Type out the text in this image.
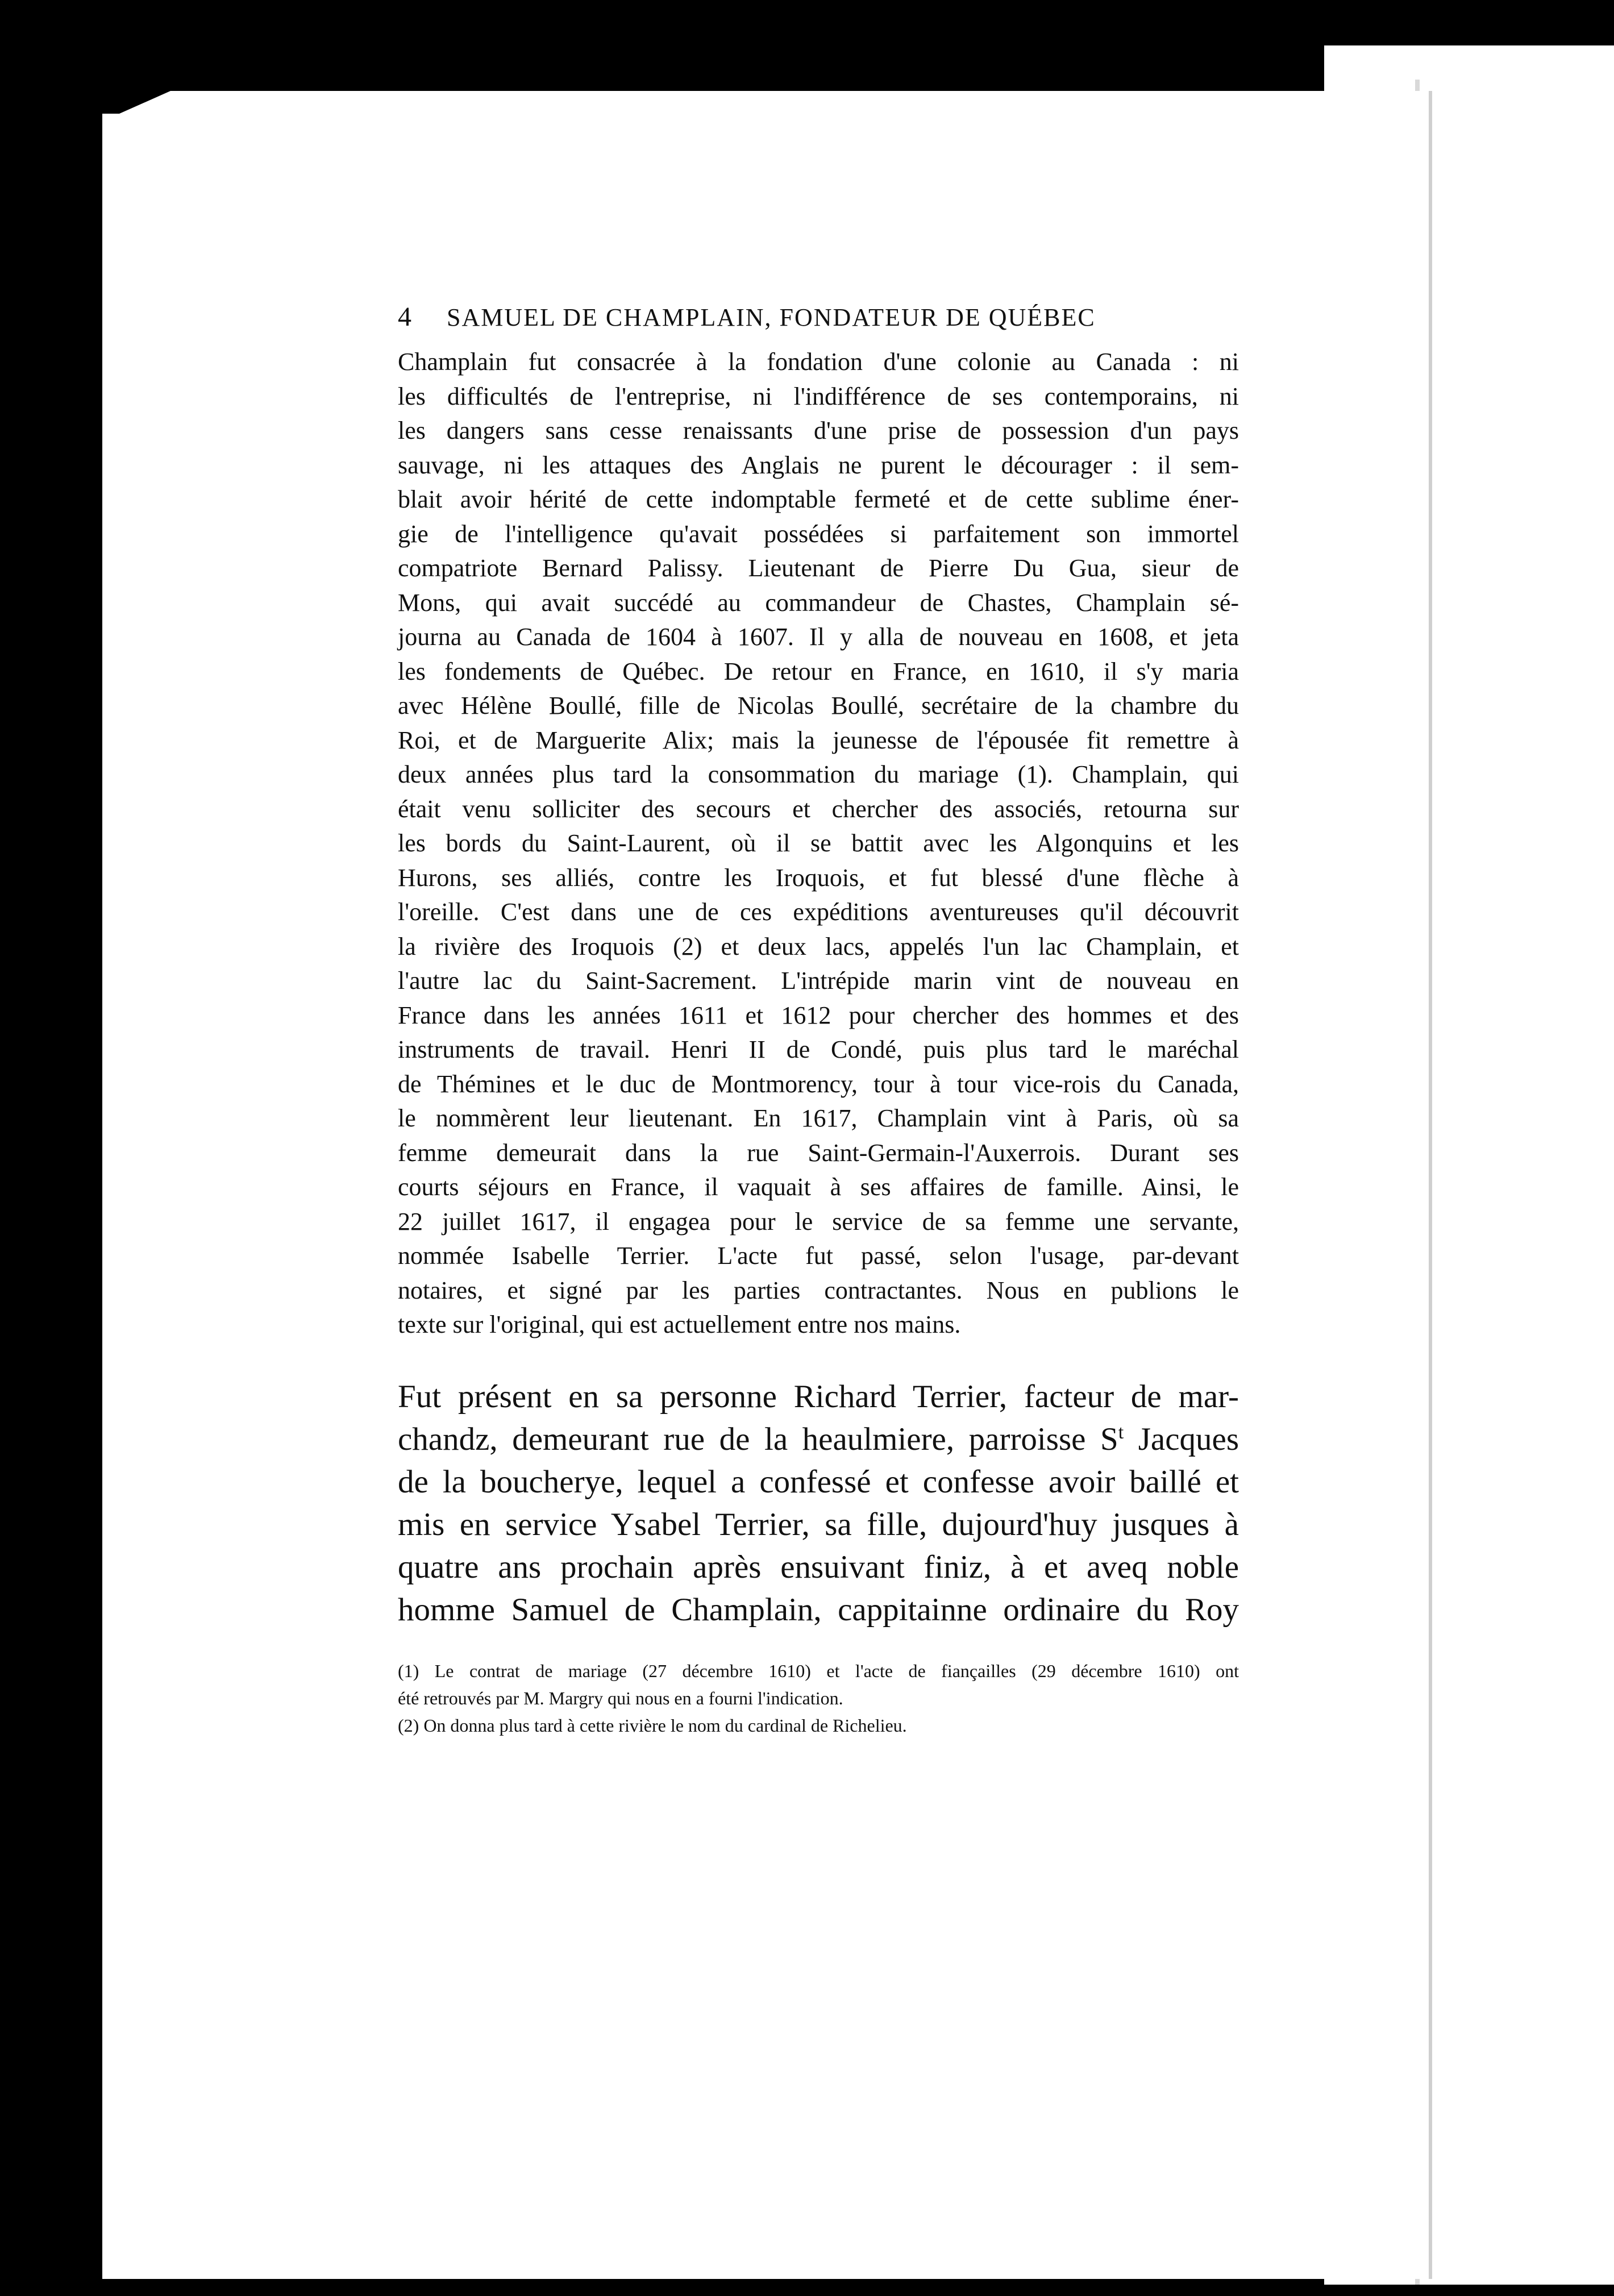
4 SAMUEL DE CHAMPLAIN, FONDATEUR DE QUÉBEC
Champlain fut consacrée à la fondation d'une colonie au Canada : ni
les difficultés de l'entreprise, ni l'indifférence de ses contemporains, ni
les dangers sans cesse renaissants d'une prise de possession d'un pays
sauvage, ni les attaques des Anglais ne purent le décourager : il sem-
blait avoir hérité de cette indomptable fermeté et de cette sublime éner-
gie de l'intelligence qu'avait possédées si parfaitement son immortel
compatriote Bernard Palissy. Lieutenant de Pierre Du Gua, sieur de
Mons, qui avait succédé au commandeur de Chastes, Champlain sé-
journa au Canada de 1604 à 1607. Il y alla de nouveau en 1608, et jeta
les fondements de Québec. De retour en France, en 1610, il s'y maria
avec Hélène Boullé, fille de Nicolas Boullé, secrétaire de la chambre du
Roi, et de Marguerite Alix; mais la jeunesse de l'épousée fit remettre à
deux années plus tard la consommation du mariage (1). Champlain, qui
était venu solliciter des secours et chercher des associés, retourna sur
les bords du Saint-Laurent, où il se battit avec les Algonquins et les
Hurons, ses alliés, contre les Iroquois, et fut blessé d'une flèche à
l'oreille. C'est dans une de ces expéditions aventureuses qu'il découvrit
la rivière des Iroquois (2) et deux lacs, appelés l'un lac Champlain, et
l'autre lac du Saint-Sacrement. L'intrépide marin vint de nouveau en
France dans les années 1611 et 1612 pour chercher des hommes et des
instruments de travail. Henri II de Condé, puis plus tard le maréchal
de Thémines et le duc de Montmorency, tour à tour vice-rois du Canada,
le nommèrent leur lieutenant. En 1617, Champlain vint à Paris, où sa
femme demeurait dans la rue Saint-Germain-l'Auxerrois. Durant ses
courts séjours en France, il vaquait à ses affaires de famille. Ainsi, le
22 juillet 1617, il engagea pour le service de sa femme une servante,
nommée Isabelle Terrier. L'acte fut passé, selon l'usage, par-devant
notaires, et signé par les parties contractantes. Nous en publions le
texte sur l'original, qui est actuellement entre nos mains.
Fut présent en sa personne Richard Terrier, facteur de mar-
chandz, demeurant rue de la heaulmiere, parroisse $S^t$ Jacques
de la boucherye, lequel a confessé et confesse avoir baillé et
mis en service Ysabel Terrier, sa fille, dujourd'huy jusques à
quatre ans prochain après ensuivant finiz, à et aveq noble
homme Samuel de Champlain, cappitainne ordinaire du Roy
(1) Le contrat de mariage (27 décembre 1610) et l'acte de fiançailles (29 décembre 1610) ont
été retrouvés par M. Margry qui nous en a fourni l'indication.
(2) On donna plus tard à cette rivière le nom du cardinal de Richelieu.
